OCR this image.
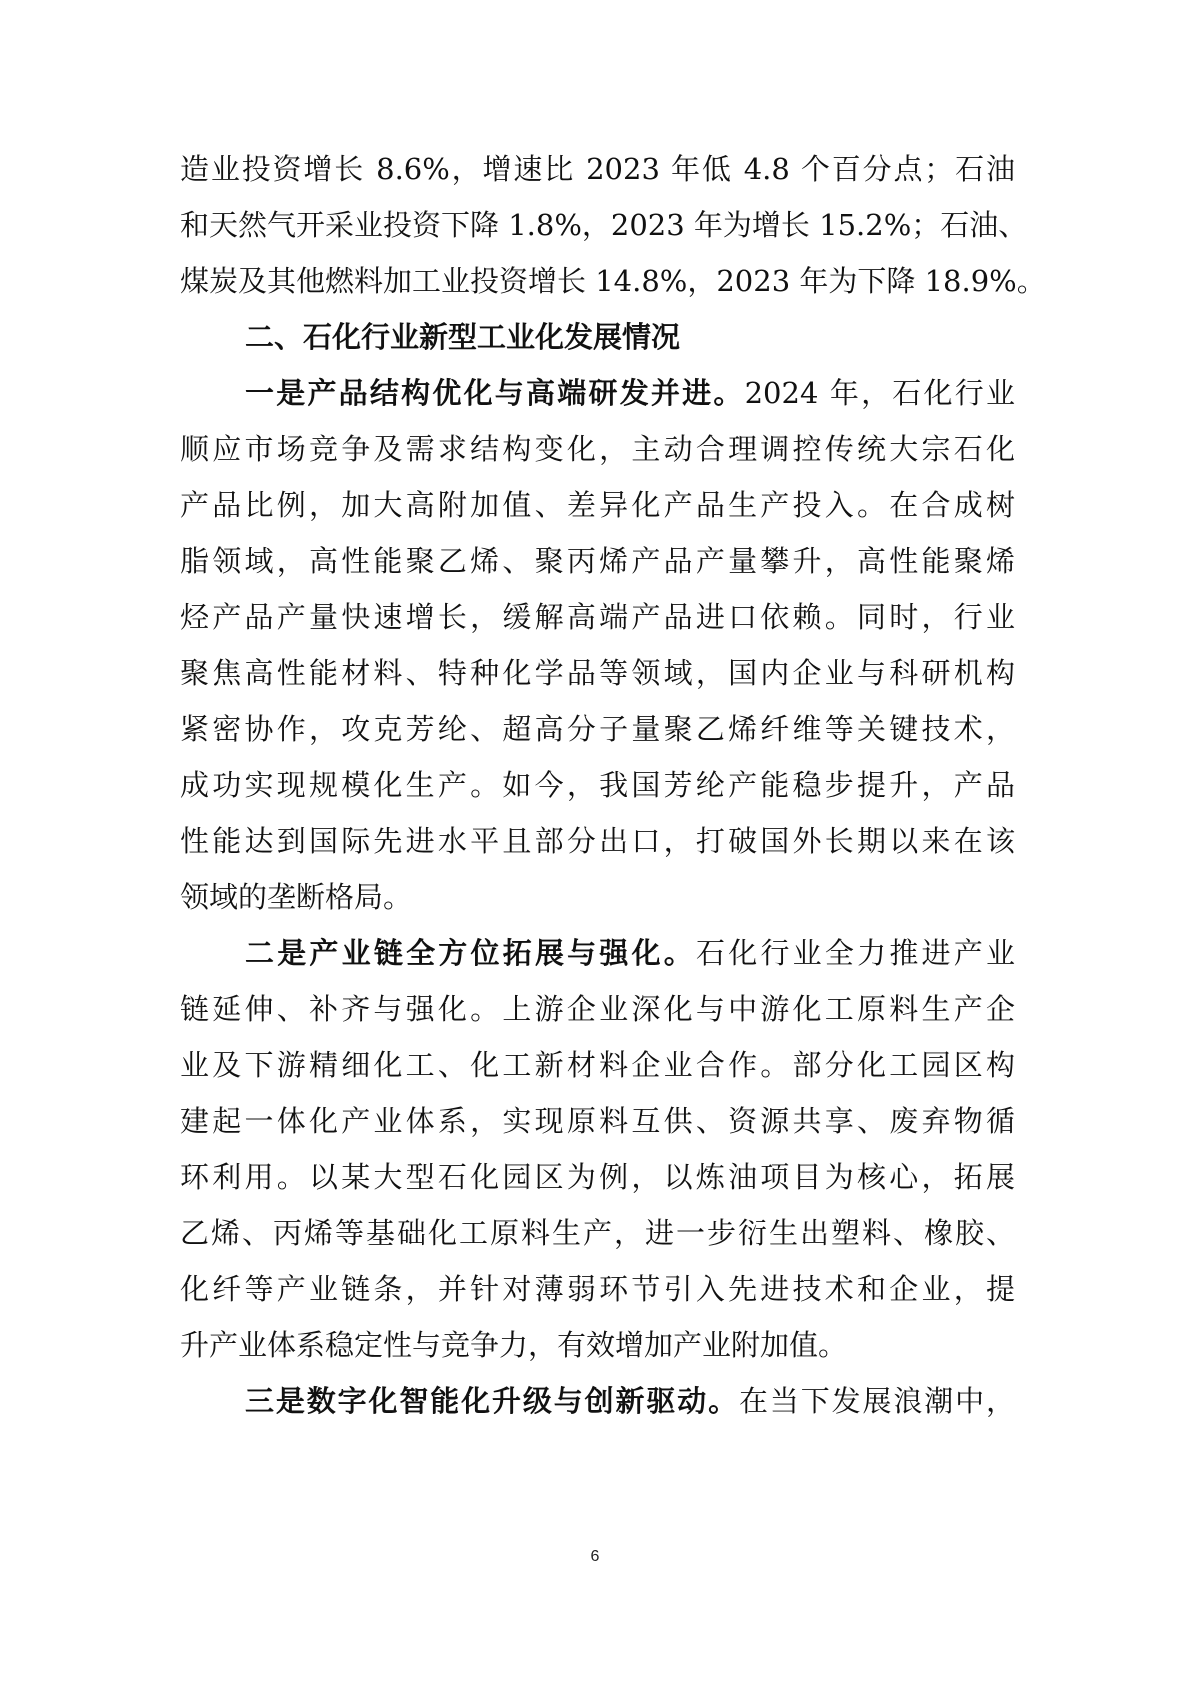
造业投资增长 8.6%，增速比 2023 年低 4.8 个百分点；石油
和天然气开采业投资下降 1.8%，2023 年为增长 15.2%；石油、
煤炭及其他燃料加工业投资增长 14.8%，2023 年为下降 18.9%。
二、石化行业新型工业化发展情况
一是产品结构优化与高端研发并进。2024 年，石化行业
顺应市场竞争及需求结构变化，主动合理调控传统大宗石化
产品比例，加大高附加值、差异化产品生产投入。在合成树
脂领域，高性能聚乙烯、聚丙烯产品产量攀升，高性能聚烯
烃产品产量快速增长，缓解高端产品进口依赖。同时，行业
聚焦高性能材料、特种化学品等领域，国内企业与科研机构
紧密协作，攻克芳纶、超高分子量聚乙烯纤维等关键技术，
成功实现规模化生产。如今，我国芳纶产能稳步提升，产品
性能达到国际先进水平且部分出口，打破国外长期以来在该
领域的垄断格局。
二是产业链全方位拓展与强化。石化行业全力推进产业
链延伸、补齐与强化。上游企业深化与中游化工原料生产企
业及下游精细化工、化工新材料企业合作。部分化工园区构
建起一体化产业体系，实现原料互供、资源共享、废弃物循
环利用。以某大型石化园区为例，以炼油项目为核心，拓展
乙烯、丙烯等基础化工原料生产，进一步衍生出塑料、橡胶、
化纤等产业链条，并针对薄弱环节引入先进技术和企业，提
升产业体系稳定性与竞争力，有效增加产业附加值。
三是数字化智能化升级与创新驱动。在当下发展浪潮中，
6
